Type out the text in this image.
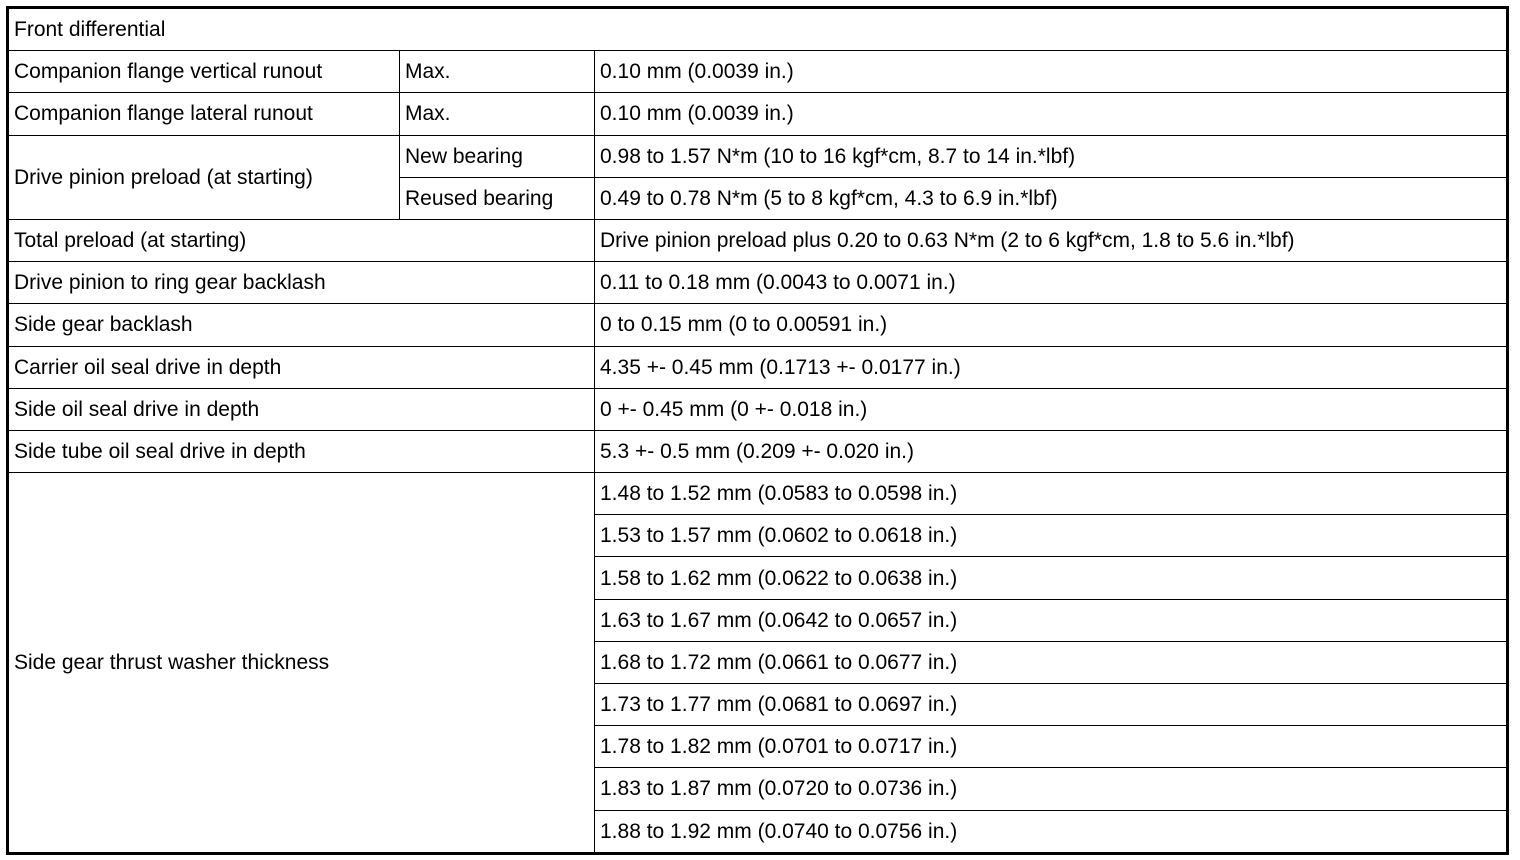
Front differential		
Companion flange vertical runout	Max.	0.10 mm (0.0039 in.)
Companion flange lateral runout	Max.	0.10 mm (0.0039 in.)
Drive pinion preload (at starting)	New bearing	0.98 to 1.57 N*m (10 to 16 kgf*cm, 8.7 to 14 in.*lbf)
	Reused bearing	0.49 to 0.78 N*m (5 to 8 kgf*cm, 4.3 to 6.9 in.*lbf)
Total preload (at starting)		Drive pinion preload plus 0.20 to 0.63 N*m (2 to 6 kgf*cm, 1.8 to 5.6 in.*lbf)
Drive pinion to ring gear backlash		0.11 to 0.18 mm (0.0043 to 0.0071 in.)
Side gear backlash		0 to 0.15 mm (0 to 0.00591 in.)
Carrier oil seal drive in depth		4.35 +- 0.45 mm (0.1713 +- 0.0177 in.)
Side oil seal drive in depth		0 +- 0.45 mm (0 +- 0.018 in.)
Side tube oil seal drive in depth		5.3 +- 0.5 mm (0.209 +- 0.020 in.)
Side gear thrust washer thickness		1.48 to 1.52 mm (0.0583 to 0.0598 in.)
		1.53 to 1.57 mm (0.0602 to 0.0618 in.)
		1.58 to 1.62 mm (0.0622 to 0.0638 in.)
		1.63 to 1.67 mm (0.0642 to 0.0657 in.)
		1.68 to 1.72 mm (0.0661 to 0.0677 in.)
		1.73 to 1.77 mm (0.0681 to 0.0697 in.)
		1.78 to 1.82 mm (0.0701 to 0.0717 in.)
		1.83 to 1.87 mm (0.0720 to 0.0736 in.)
		1.88 to 1.92 mm (0.0740 to 0.0756 in.)
